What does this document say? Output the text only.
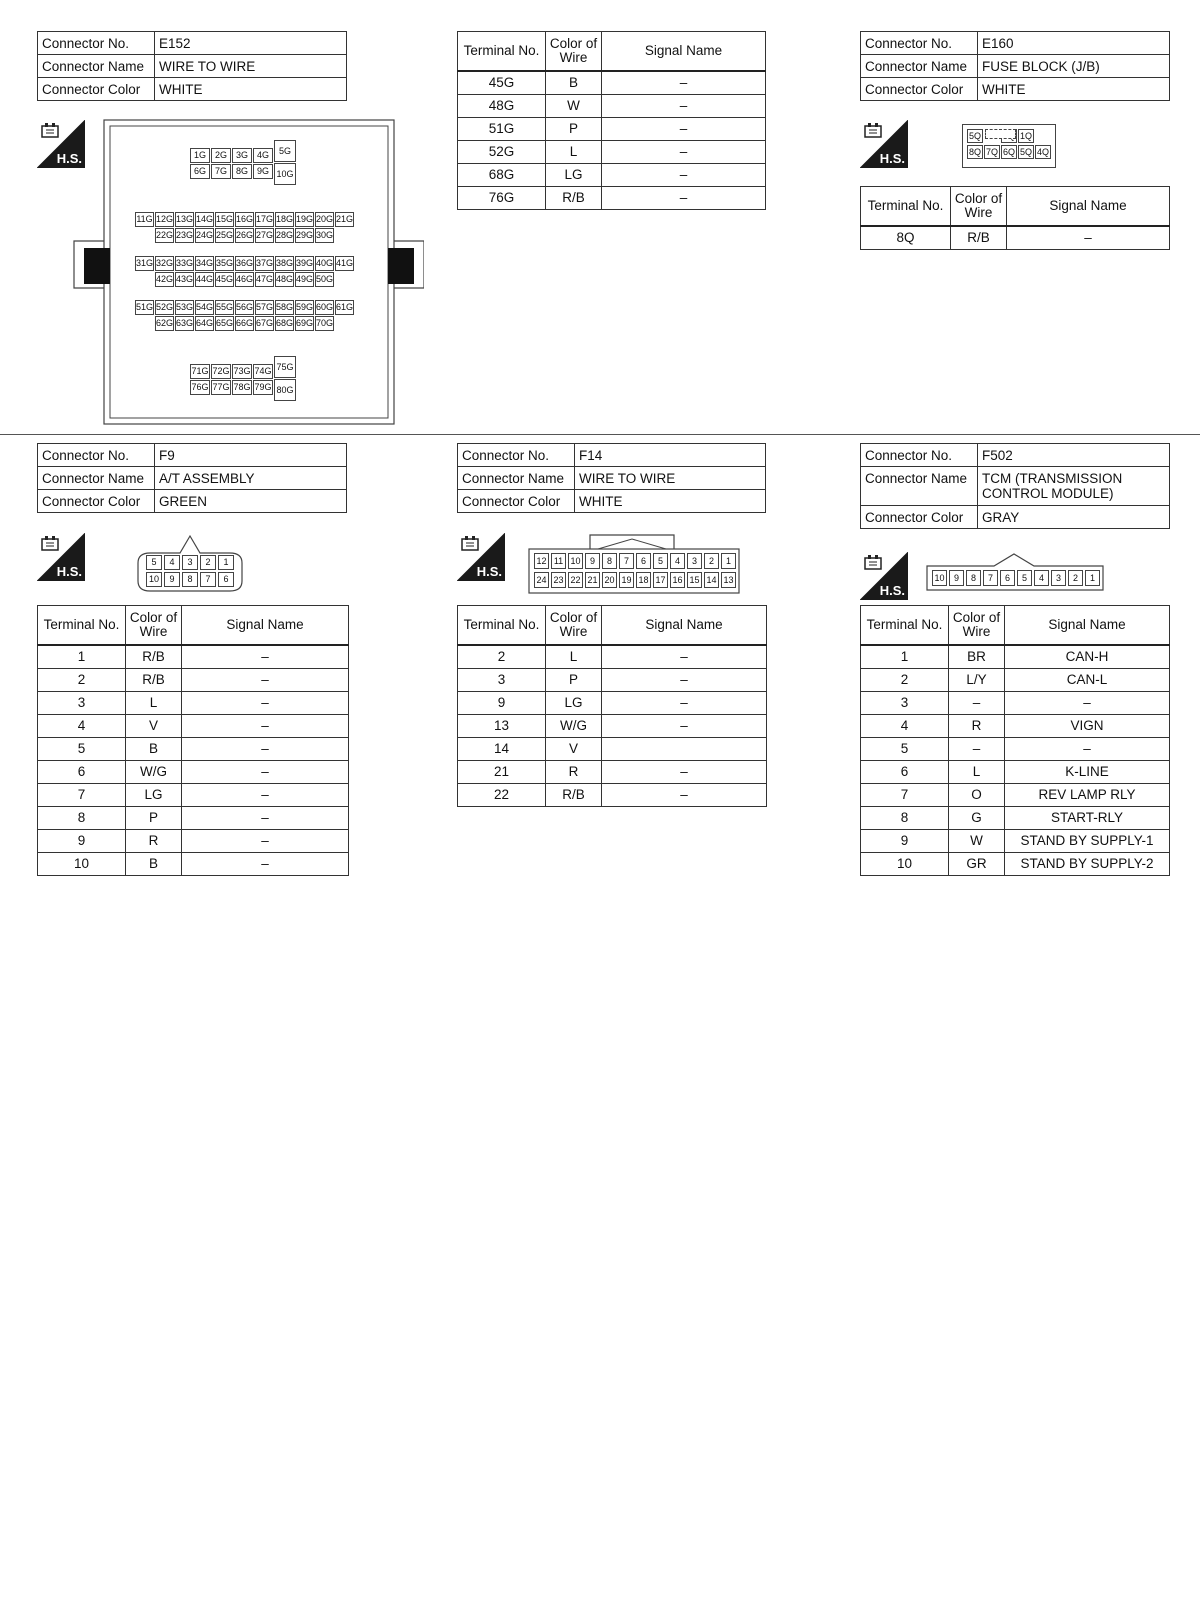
Connector No.	E152
Connector Name	WIRE TO WIRE
Connector Color	WHITE
H.S.	1G 2G 3G 4G
6G 7G 8G 9G
5G
10G
11G 12G 13G 14G 15G 16G 17G 18G 19G 20G 21G
22G 23G 24G 25G 26G 27G 28G 29G 30G
31G 32G 33G 34G 35G 36G 37G 38G 39G 40G 41G
42G 43G 44G 45G 46G 47G 48G 49G 50G
51G 52G 53G 54G 55G 56G 57G 58G 59G 60G 61G
62G 63G 64G 65G 66G 67G 68G 69G 70G
71G 72G 73G 74G
76G 77G 78G 79G
75G
80G
Terminal No.	Color of Wire	Signal Name
45G	B	–
48G	W	–
51G	P	–
52G	L	–
68G	LG	–
76G	R/B	–
Connector No.	E160
Connector Name	FUSE BLOCK (J/B)
Connector Color	WHITE
H.S.
5Q	1Q
8Q 7Q 6Q 5Q 4Q
Terminal No.	Color of Wire	Signal Name
8Q	R/B	–
Connector No.	F9
Connector Name	A/T ASSEMBLY
Connector Color	GREEN
H.S.
5	4	3	2	1
10	9	8	7	6
Terminal No.	Color of Wire	Signal Name
1	R/B	–
2	R/B	–
3	L	–
4	V	–
5	B	–
6	W/G	–
7	LG	–
8	P	–
9	R	–
10	B	–
Connector No.	F14
Connector Name	WIRE TO WIRE
Connector Color	WHITE
H.S.
12 11 10	9	8	7	6	5	4	3	2	1
24 23 22 21 20 19 18 17 16 15 14 13
Terminal No.	Color of Wire	Signal Name
2	L	–
3	P	–
9	LG	–
13	W/G	–
14	V	
21	R	–
22	R/B	–
Connector No.	F502
Connector Name	TCM (TRANSMISSION
CONTROL MODULE)

Connector Color	GRAY
H.S.
10	9	8	7	6	5	4	3	2	1
Terminal No.	Color of Wire	Signal Name
1	BR	CAN-H
2	L/Y	CAN-L
3	–	–
4	R	VIGN
5	–	–
6	L	K-LINE
7	O	REV LAMP RLY
8	G	START-RLY
9	W	STAND BY SUPPLY-1
10	GR	STAND BY SUPPLY-2
